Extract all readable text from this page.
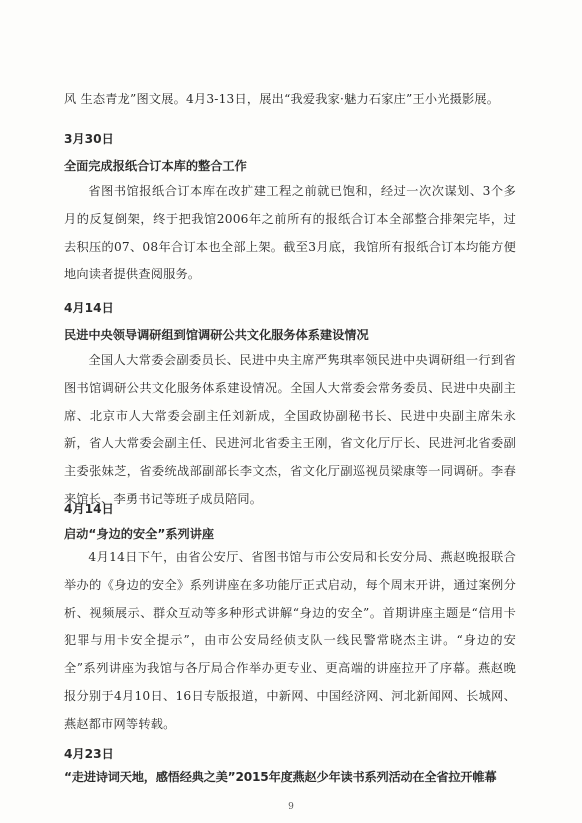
风 生态青龙”图文展。4月3-13日，展出“我爱我家·魅力石家庄”王小光摄影展。

3月30日

全面完成报纸合订本库的整合工作

省图书馆报纸合订本库在改扩建工程之前就已饱和，经过一次次谋划、3个多月的反复倒架，终于把我馆2006年之前所有的报纸合订本全部整合排架完毕，过去积压的07、08年合订本也全部上架。截至3月底，我馆所有报纸合订本均能方便地向读者提供查阅服务。

4月14日

民进中央领导调研组到馆调研公共文化服务体系建设情况

全国人大常委会副委员长、民进中央主席严隽琪率领民进中央调研组一行到省图书馆调研公共文化服务体系建设情况。全国人大常委会常务委员、民进中央副主席、北京市人大常委会副主任刘新成，全国政协副秘书长、民进中央副主席朱永新，省人大常委会副主任、民进河北省委主王刚，省文化厅厅长、民进河北省委副主委张妹芝，省委统战部副部长李文杰，省文化厅副巡视员梁康等一同调研。李春来馆长、李勇书记等班子成员陪同。

4月14日

启动“身边的安全”系列讲座

4月14日下午，由省公安厅、省图书馆与市公安局和长安分局、燕赵晚报联合举办的《身边的安全》系列讲座在多功能厅正式启动，每个周末开讲，通过案例分析、视频展示、群众互动等多种形式讲解“身边的安全”。首期讲座主题是“信用卡犯罪与用卡安全提示”，由市公安局经侦支队一线民警常晓杰主讲。“身边的安全”系列讲座为我馆与各厅局合作举办更专业、更高端的讲座拉开了序幕。燕赵晚报分别于4月10日、16日专版报道，中新网、中国经济网、河北新闻网、长城网、燕赵都市网等转载。

4月23日

“走进诗词天地，感悟经典之美”2015年度燕赵少年读书系列活动在全省拉开帷幕

9
